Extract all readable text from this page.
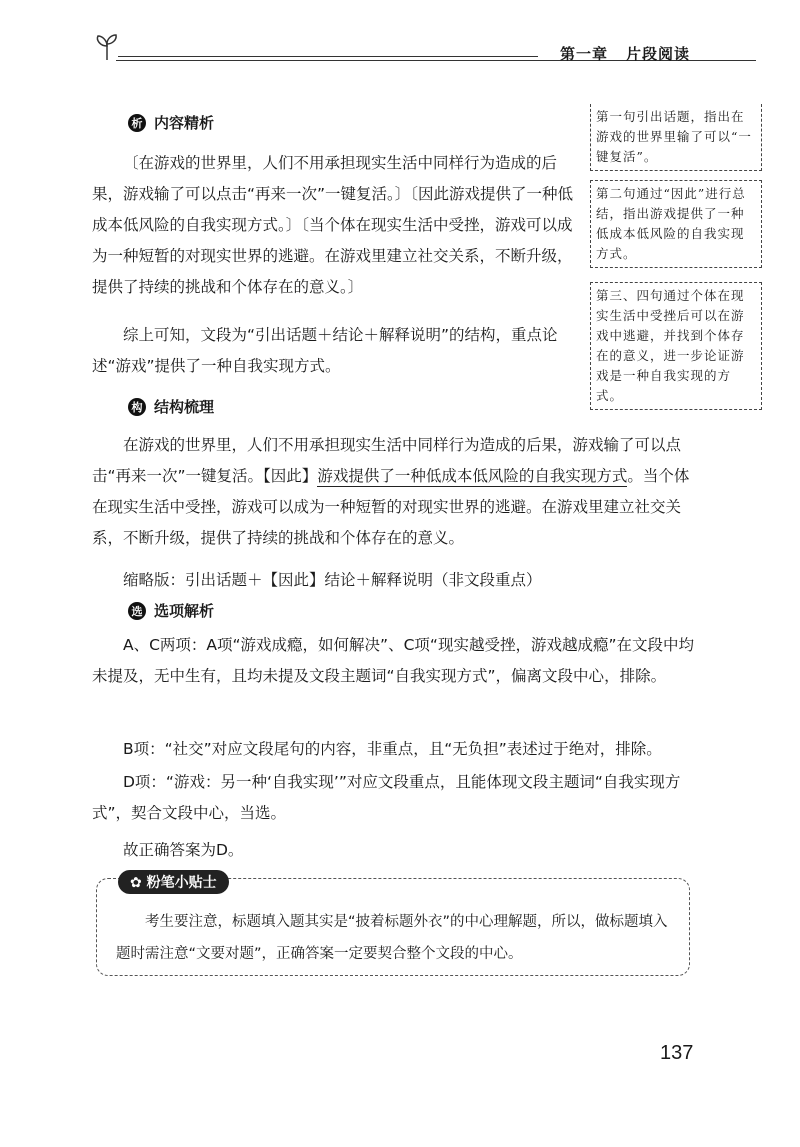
第一章 片段阅读
析 内容精析
〔在游戏的世界里，人们不用承担现实生活中同样行为造成的后果，游戏输了可以点击“再来一次”一键复活。〕〔因此游戏提供了一种低成本低风险的自我实现方式。〕〔当个体在现实生活中受挫，游戏可以成为一种短暂的对现实世界的逃避。在游戏里建立社交关系，不断升级，提供了持续的挑战和个体存在的意义。〕
综上可知，文段为“引出话题＋结论＋解释说明”的结构，重点论述“游戏”提供了一种自我实现方式。
第一句引出话题，指出在游戏的世界里输了可以“一键复活”。
第二句通过“因此”进行总结，指出游戏提供了一种低成本低风险的自我实现方式。
第三、四句通过个体在现实生活中受挫后可以在游戏中逃避，并找到个体存在的意义，进一步论证游戏是一种自我实现的方式。
构 结构梳理
在游戏的世界里，人们不用承担现实生活中同样行为造成的后果，游戏输了可以点击“再来一次”一键复活。【因此】游戏提供了一种低成本低风险的自我实现方式。当个体在现实生活中受挫，游戏可以成为一种短暂的对现实世界的逃避。在游戏里建立社交关系，不断升级，提供了持续的挑战和个体存在的意义。
缩略版：引出话题＋【因此】结论＋解释说明（非文段重点）
选 选项解析
A、C两项：A项“游戏成瘾，如何解决”、C项“现实越受挫，游戏越成瘾”在文段中均未提及，无中生有，且均未提及文段主题词“自我实现方式”，偏离文段中心，排除。
B项：“社交”对应文段尾句的内容，非重点，且“无负担”表述过于绝对，排除。
D项：“游戏：另一种‘自我实现’”对应文段重点，且能体现文段主题词“自我实现方式”，契合文段中心，当选。
故正确答案为D。
✿ 粉笔小贴士
考生要注意，标题填入题其实是“披着标题外衣”的中心理解题，所以，做标题填入题时需注意“文要对题”，正确答案一定要契合整个文段的中心。
137
